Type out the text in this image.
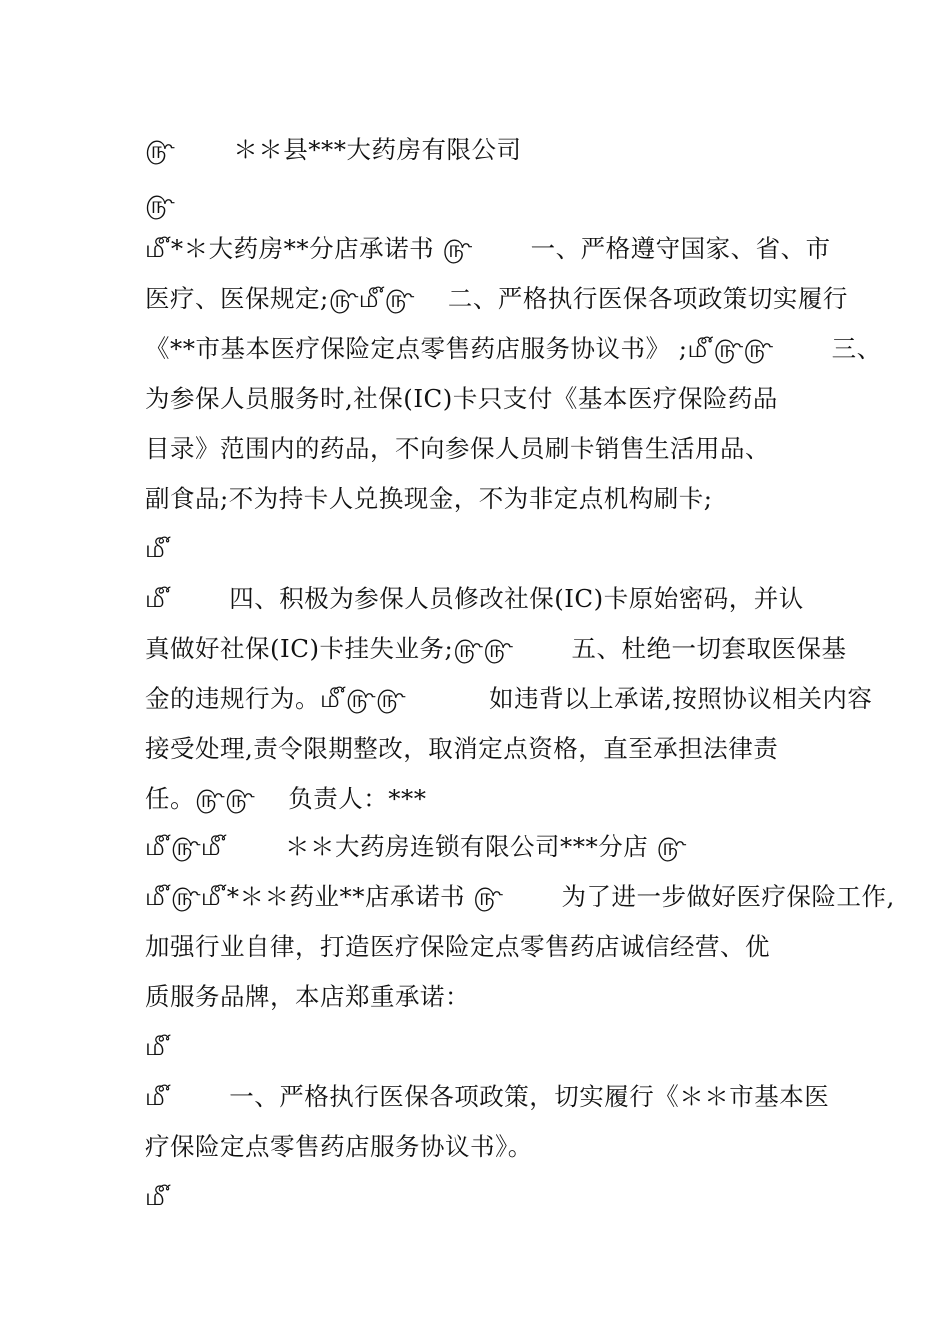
௹ 　　＊＊县***大药房有限公司
௹
௴*＊大药房**分店承诺书 ௹ 　　一、严格遵守国家、省、市
医疗、医保规定;௹௴௹ 　二、严格执行医保各项政策切实履行
《**市基本医疗保险定点零售药店服务协议书》 ;௴௹௹ 　　三、
为参保人员服务时,社保(IC)卡只支付《基本医疗保险药品
目录》范围内的药品，不向参保人员刷卡销售生活用品、
副食品;不为持卡人兑换现金，不为非定点机构刷卡;
௴
௴ 　　四、积极为参保人员修改社保(IC)卡原始密码，并认
真做好社保(IC)卡挂失业务;௹௹ 　　五、杜绝一切套取医保基
金的违规行为。௴௹௹ 　　　如违背以上承诺,按照协议相关内容
接受处理,责令限期整改，取消定点资格，直至承担法律责
任。௹௹ 　负责人：***
௴௹௴ 　　＊＊大药房连锁有限公司***分店 ௹
௴௹௴*＊＊药业**店承诺书 ௹ 　　为了进一步做好医疗保险工作,
加强行业自律，打造医疗保险定点零售药店诚信经营、优
质服务品牌，本店郑重承诺：
௴
௴ 　　一、严格执行医保各项政策，切实履行《＊＊市基本医
疗保险定点零售药店服务协议书》。
௴
